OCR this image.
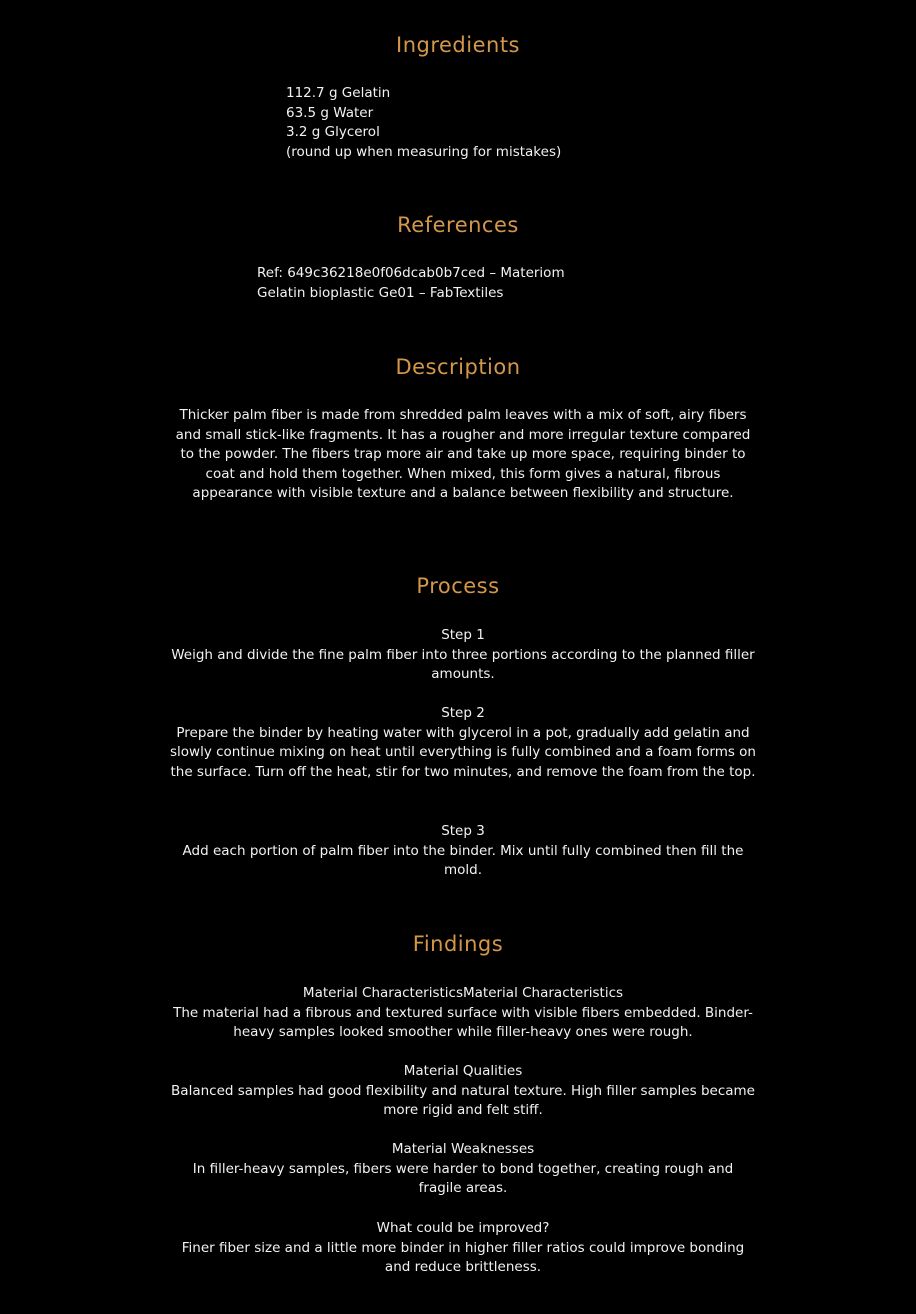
Ingredients

112.7 g Gelatin

63.5 g Water

3.2 g Glycerol

(round up when measuring for mistakes)

References

Ref: 649c36218e0f06dcab0b7ced – Materiom

Gelatin bioplastic Ge01 – FabTextiles

Description

Thicker palm fiber is made from shredded palm leaves with a mix of soft, airy fibers and small stick-like fragments. It has a rougher and more irregular texture compared to the powder. The fibers trap more air and take up more space, requiring binder to coat and hold them together. When mixed, this form gives a natural, fibrous appearance with visible texture and a balance between flexibility and structure.

Process
Step 1
Weigh and divide the fine palm fiber into three portions according to the planned filler amounts.
Step 2
Prepare the binder by heating water with glycerol in a pot, gradually add gelatin and slowly continue mixing on heat until everything is fully combined and a foam forms on the surface. Turn off the heat, stir for two minutes, and remove the foam from the top.
Step 3
Add each portion of palm fiber into the binder. Mix until fully combined then fill the mold.
Findings
Material CharacteristicsMaterial Characteristics
The material had a fibrous and textured surface with visible fibers embedded. Binder-heavy samples looked smoother while filler-heavy ones were rough.
Material Qualities
Balanced samples had good flexibility and natural texture. High filler samples became more rigid and felt stiff.
Material Weaknesses
In filler-heavy samples, fibers were harder to bond together, creating rough and fragile areas.
What could be improved?
Finer fiber size and a little more binder in higher filler ratios could improve bonding and reduce brittleness.
